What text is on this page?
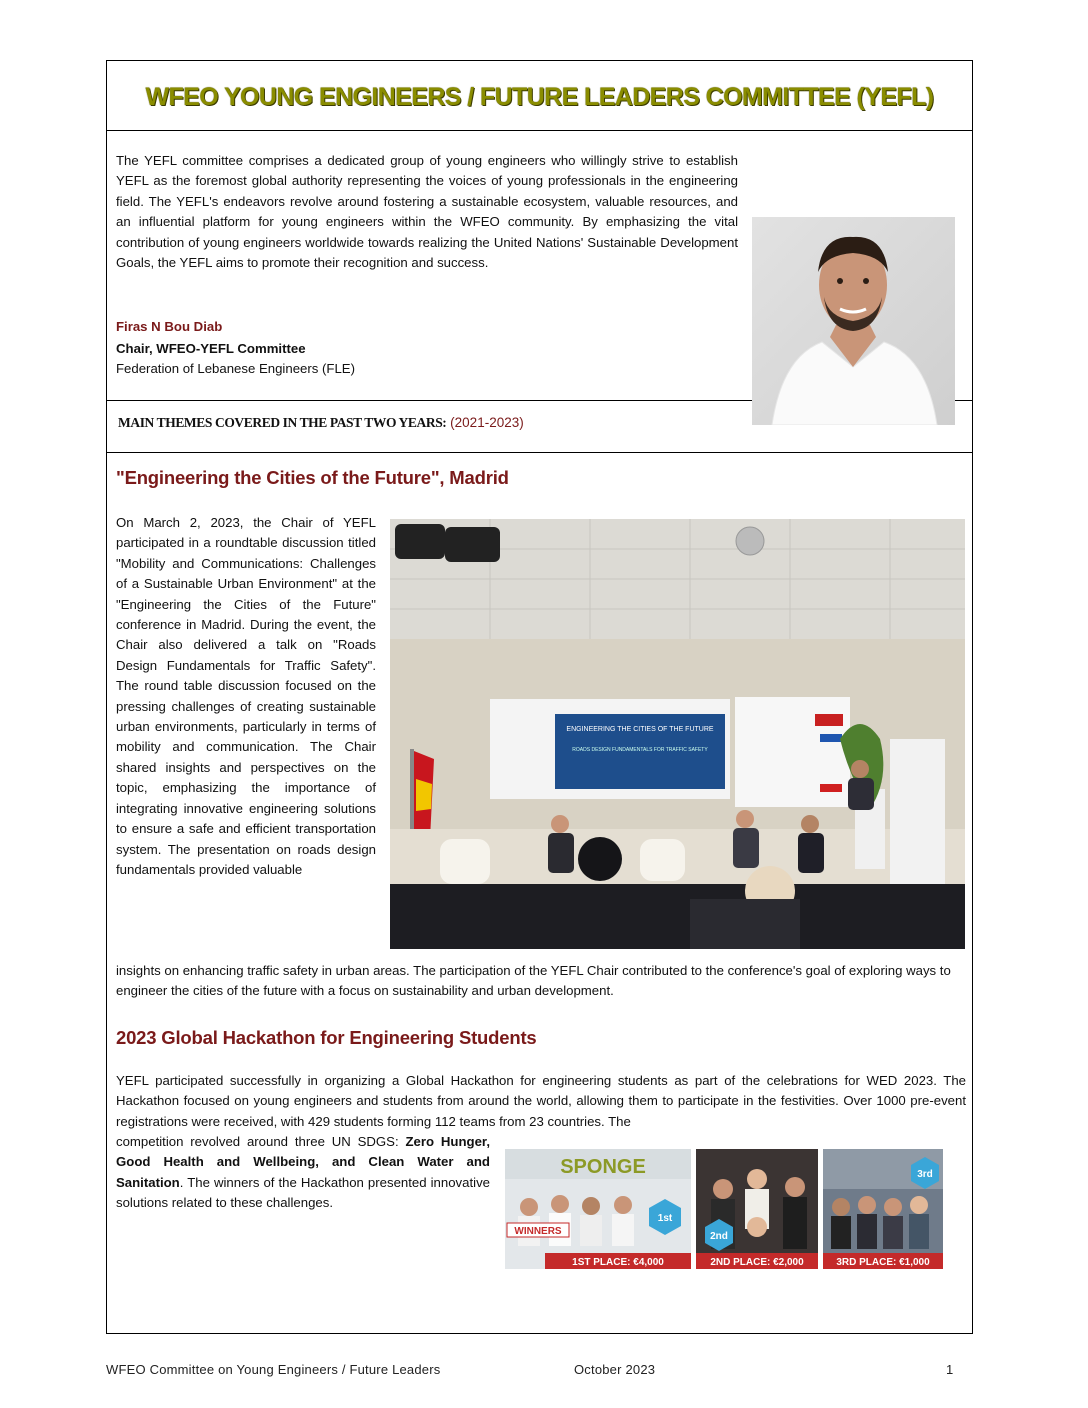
WFEO YOUNG ENGINEERS / FUTURE LEADERS COMMITTEE (YEFL)

The YEFL committee comprises a dedicated group of young engineers who willingly strive to establish YEFL as the foremost global authority representing the voices of young professionals in the engineering field. The YEFL's endeavors revolve around fostering a sustainable ecosystem, valuable resources, and an influential platform for young engineers within the WFEO community. By emphasizing the vital contribution of young engineers worldwide towards realizing the United Nations' Sustainable Development Goals, the YEFL aims to promote their recognition and success.

Firas N Bou Diab
Chair, WFEO-YEFL Committee
Federation of Lebanese Engineers (FLE)
MAIN THEMES COVERED IN THE PAST TWO YEARS: (2021-2023)
"Engineering the Cities of the Future", Madrid

On March 2, 2023, the Chair of YEFL participated in a roundtable discussion titled "Mobility and Communications: Challenges of a Sustainable Urban Environment" at the "Engineering the Cities of the Future" conference in Madrid. During the event, the Chair also delivered a talk on "Roads Design Fundamentals for Traffic Safety". The round table discussion focused on the pressing challenges of creating sustainable urban environments, particularly in terms of mobility and communication. The Chair shared insights and perspectives on the topic, emphasizing the importance of integrating innovative engineering solutions to ensure a safe and efficient transportation system. The presentation on roads design fundamentals provided valuable

ENGINEERING THE CITIES OF THE FUTURE
ROADS DESIGN FUNDAMENTALS FOR TRAFFIC SAFETY

insights on enhancing traffic safety in urban areas. The participation of the YEFL Chair contributed to the conference's goal of exploring ways to engineer the cities of the future with a focus on sustainability and urban development.

2023 Global Hackathon for Engineering Students

YEFL participated successfully in organizing a Global Hackathon for engineering students as part of the celebrations for WED 2023. The Hackathon focused on young engineers and students from around the world, allowing them to participate in the festivities. Over 1000 pre-event registrations were received, with 429 students forming 112 teams from 23 countries. The

competition revolved around three UN SDGS: Zero Hunger, Good Health and Wellbeing, and Clean Water and Sanitation. The winners of the Hackathon presented innovative solutions related to these challenges.

SPONGE
WINNERS
1st
1ST PLACE: €4,000
2nd
2ND PLACE: €2,000
3rd
3RD PLACE: €1,000
WFEO Committee on Young Engineers / Future Leaders	October 2023	1
